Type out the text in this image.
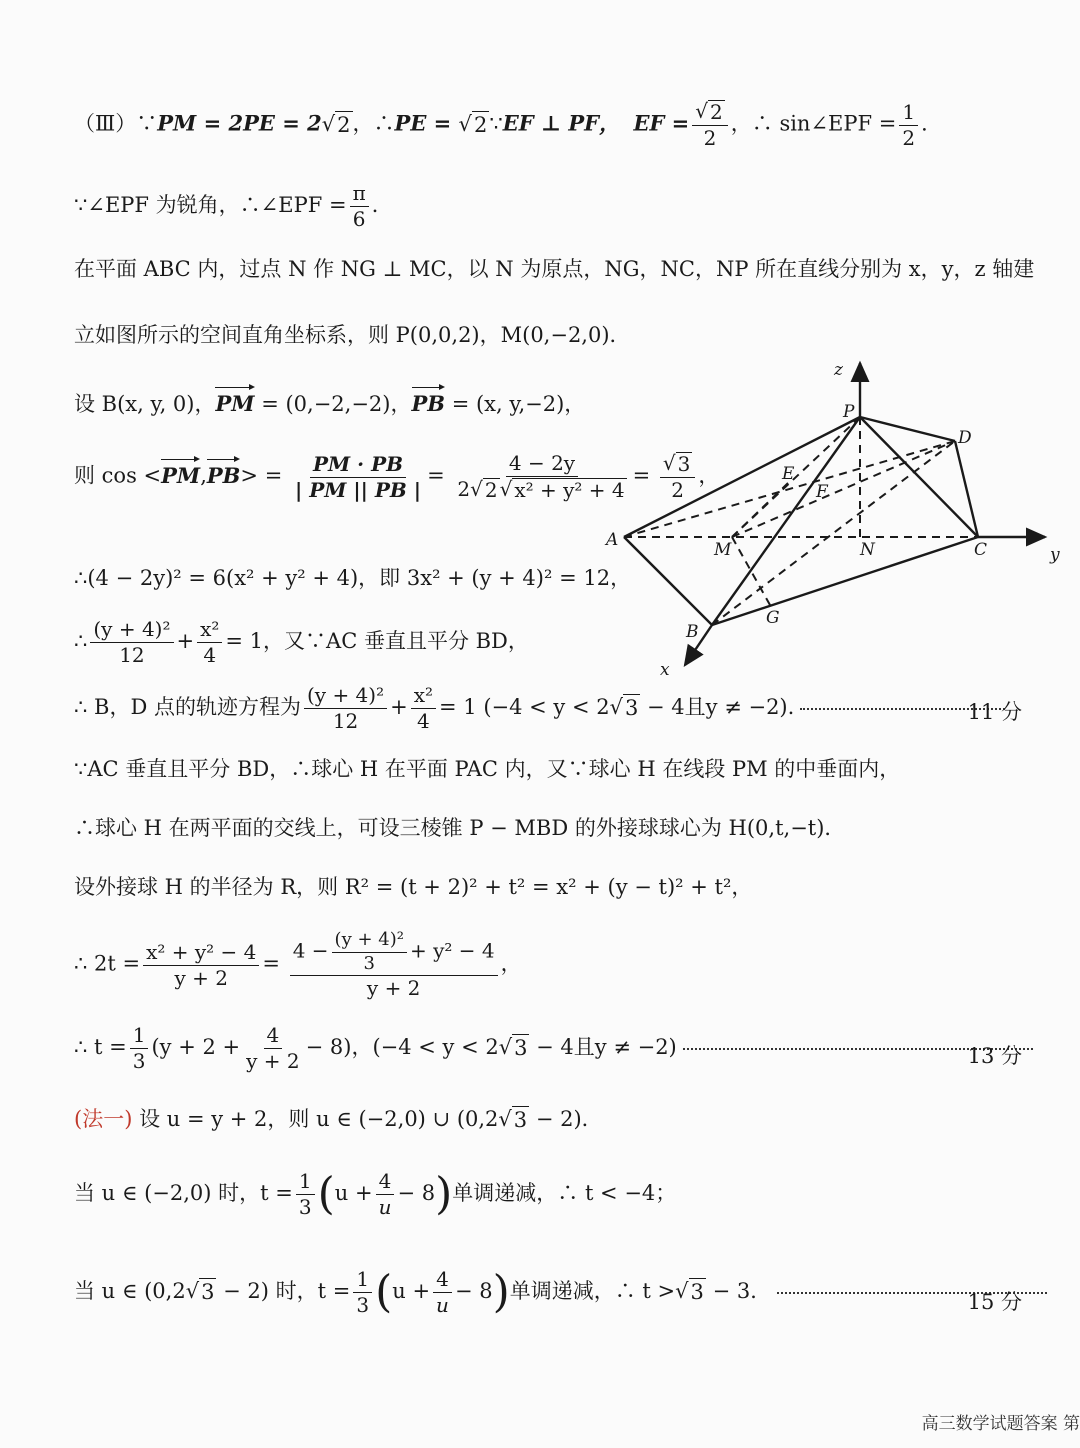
（Ⅲ）∵PM = 2PE = 2√ 2 ，∴PE = √ 2 ∵EF ⊥ PF， EF = $\frac{√ 2}{2}$ ，∴ sin∠EPF = $\frac{1}{2}$ ．
∵∠EPF 为锐角，∴∠EPF = $\frac{\pi}{6}$ ．
在平面 ABC 内，过点 N 作 NG ⊥ MC，以 N 为原点，NG，NC，NP 所在直线分别为 x，y，z 轴建
立如图所示的空间直角坐标系，则 P(0,0,2)，M(0,−2,0)．
设 B(x, y, 0)，PM = (0,−2,−2)，PB = (x, y,−2)，
则 $\cos <PM,PB> = \frac{PM \cdot PB}{| PM || PB |} = \frac{4 - 2y}{\text{2√ 2 √ x² + y² + 4}} = \frac{√ 3}{2}$ ，
∴(4 − 2y)² = 6(x² + y² + 4)，即 3x² + (y + 4)² = 12，
∴ $\frac{\text{(y + 4)²}}{12} + \frac{\text{x²}}{4} = 1$，又∵AC 垂直且平分 BD，
∴ B，D 点的轨迹方程为 $\frac{\text{(y + 4)²}}{12} + \frac{\text{x²}}{4} = 1$ (−4 < y < 2√ 3 − 4且y ≠ −2).	11 分
∵AC 垂直且平分 BD，∴球心 H 在平面 PAC 内，又∵球心 H 在线段 PM 的中垂面内，
∴球心 H 在两平面的交线上，可设三棱锥 P − MBD 的外接球球心为 H(0,t,−t)．
设外接球 H 的半径为 R，则 R² = (t + 2)² + t² = x² + (y − t)² + t²，
∴ $2t = \frac{\text{x² + y² − 4}}{y + 2} = \frac{4 - \frac{\text{(y + 4)²}}{3} + y^2 - 4}{y + 2}$ ，
∴ $t = \frac{1}{3} (y + 2 + \frac{4}{y + 2} - 8)$，(−4 < y < 2√ 3 − 4且y ≠ −2)	13 分
(法一) 设 u = y + 2，则 u ∈ (−2,0) ∪ (0,2√ 3 − 2)．
当 u ∈ (−2,0) 时，$t = \frac{1}{3} (u + \frac{4}{u} - 8)$单调递减，∴ t < −4；
当 u ∈ (0,2√ 3 − 2) 时，$t = \frac{1}{3} (u + \frac{4}{u} - 8)$单调递减，∴ t >√ 3 − 3．	15 分
z
P
D
E
F
A	M	N	C	y
B
G
x
高三数学试题答案 第
